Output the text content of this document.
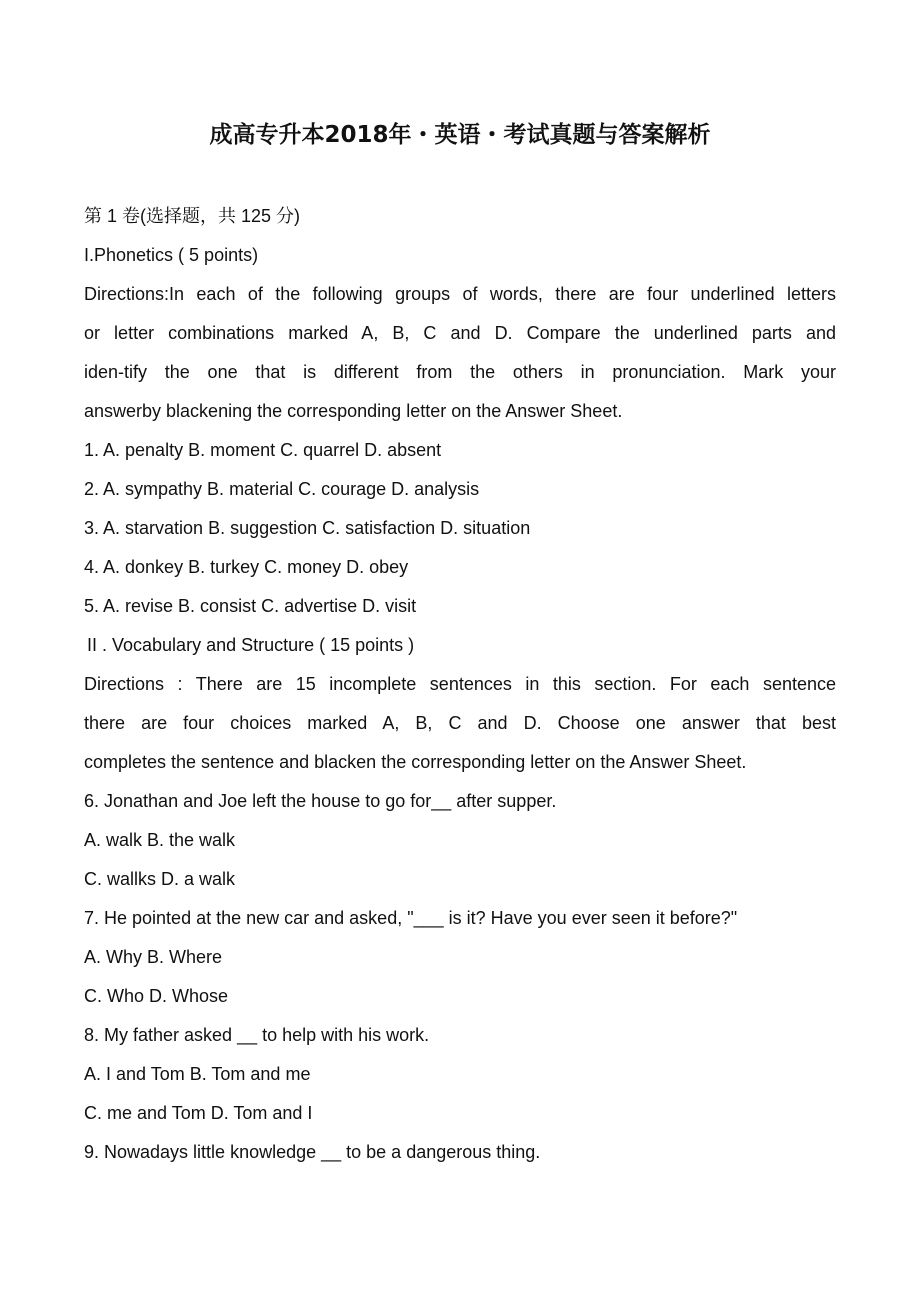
成高专升本2018年・英语・考试真题与答案解析
第 1 卷(选择题，共 125 分)
I.Phonetics ( 5 points)
Directions:In each of the following groups of words, there are four underlined letters
or letter combinations marked A, B, C and D. Compare the underlined parts and
iden-tify the one that is different from the others in pronunciation. Mark your
answerby blackening the corresponding letter on the Answer Sheet.
1. A. penalty B. moment C. quarrel D. absent
2. A. sympathy B. material C. courage D. analysis
3. A. starvation B. suggestion C. satisfaction D. situation
4. A. donkey B. turkey C. money D. obey
5. A. revise B. consist C. advertise D. visit
II . Vocabulary and Structure ( 15 points )
Directions : There are 15 incomplete sentences in this section. For each sentence
there are four choices marked A, B, C and D. Choose one answer that best
completes the sentence and blacken the corresponding letter on the Answer Sheet.
6. Jonathan and Joe left the house to go for__ after supper.
A. walk B. the walk
C. wallks D. a walk
7. He pointed at the new car and asked, "___ is it? Have you ever seen it before?"
A. Why B. Where
C. Who D. Whose
8. My father asked __ to help with his work.
A. I and Tom B. Tom and me
C. me and Tom D. Tom and I
9. Nowadays little knowledge __ to be a dangerous thing.
